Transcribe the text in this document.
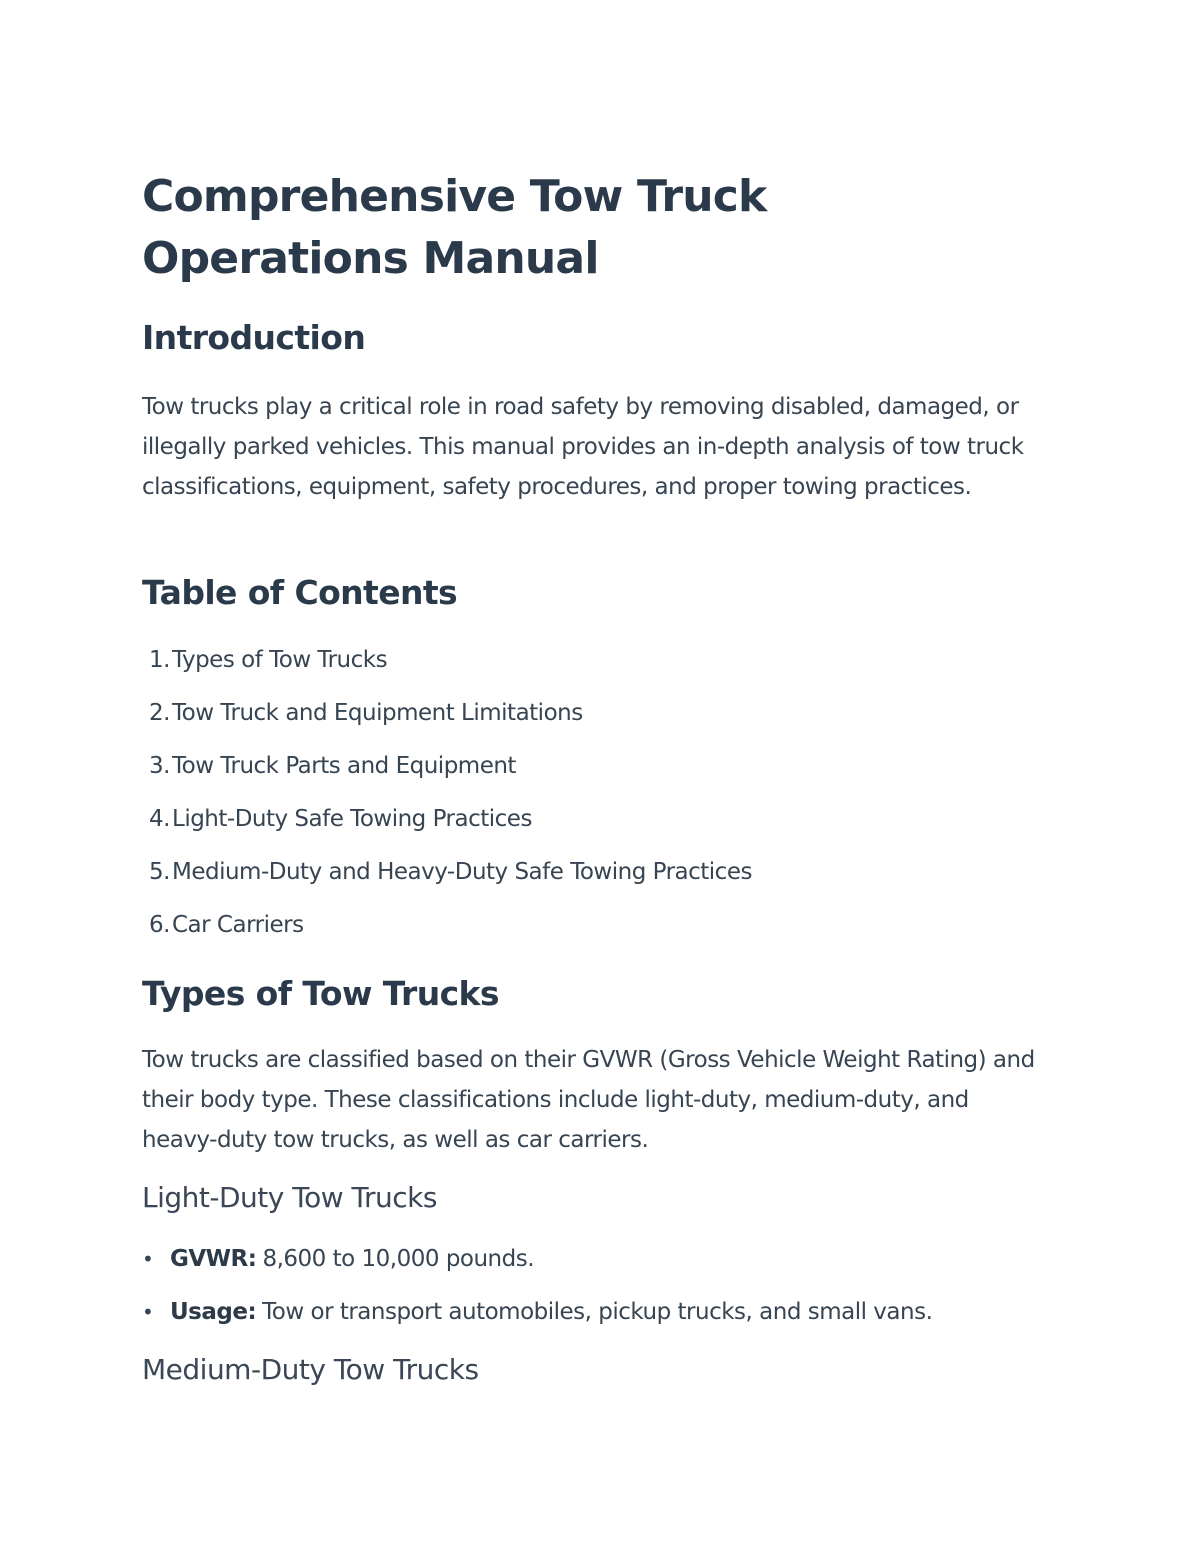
Comprehensive Tow Truck Operations Manual
Introduction

Tow trucks play a critical role in road safety by removing disabled, damaged, or illegally parked vehicles. This manual provides an in-depth analysis of tow truck classifications, equipment, safety procedures, and proper towing practices.

Table of Contents
1. Types of Tow Trucks
2. Tow Truck and Equipment Limitations
3. Tow Truck Parts and Equipment
4. Light-Duty Safe Towing Practices
5. Medium-Duty and Heavy-Duty Safe Towing Practices
6. Car Carriers
Types of Tow Trucks

Tow trucks are classified based on their GVWR (Gross Vehicle Weight Rating) and their body type. These classifications include light-duty, medium-duty, and heavy-duty tow trucks, as well as car carriers.

Light-Duty Tow Trucks
• GVWR: 8,600 to 10,000 pounds.
• Usage: Tow or transport automobiles, pickup trucks, and small vans.
Medium-Duty Tow Trucks
